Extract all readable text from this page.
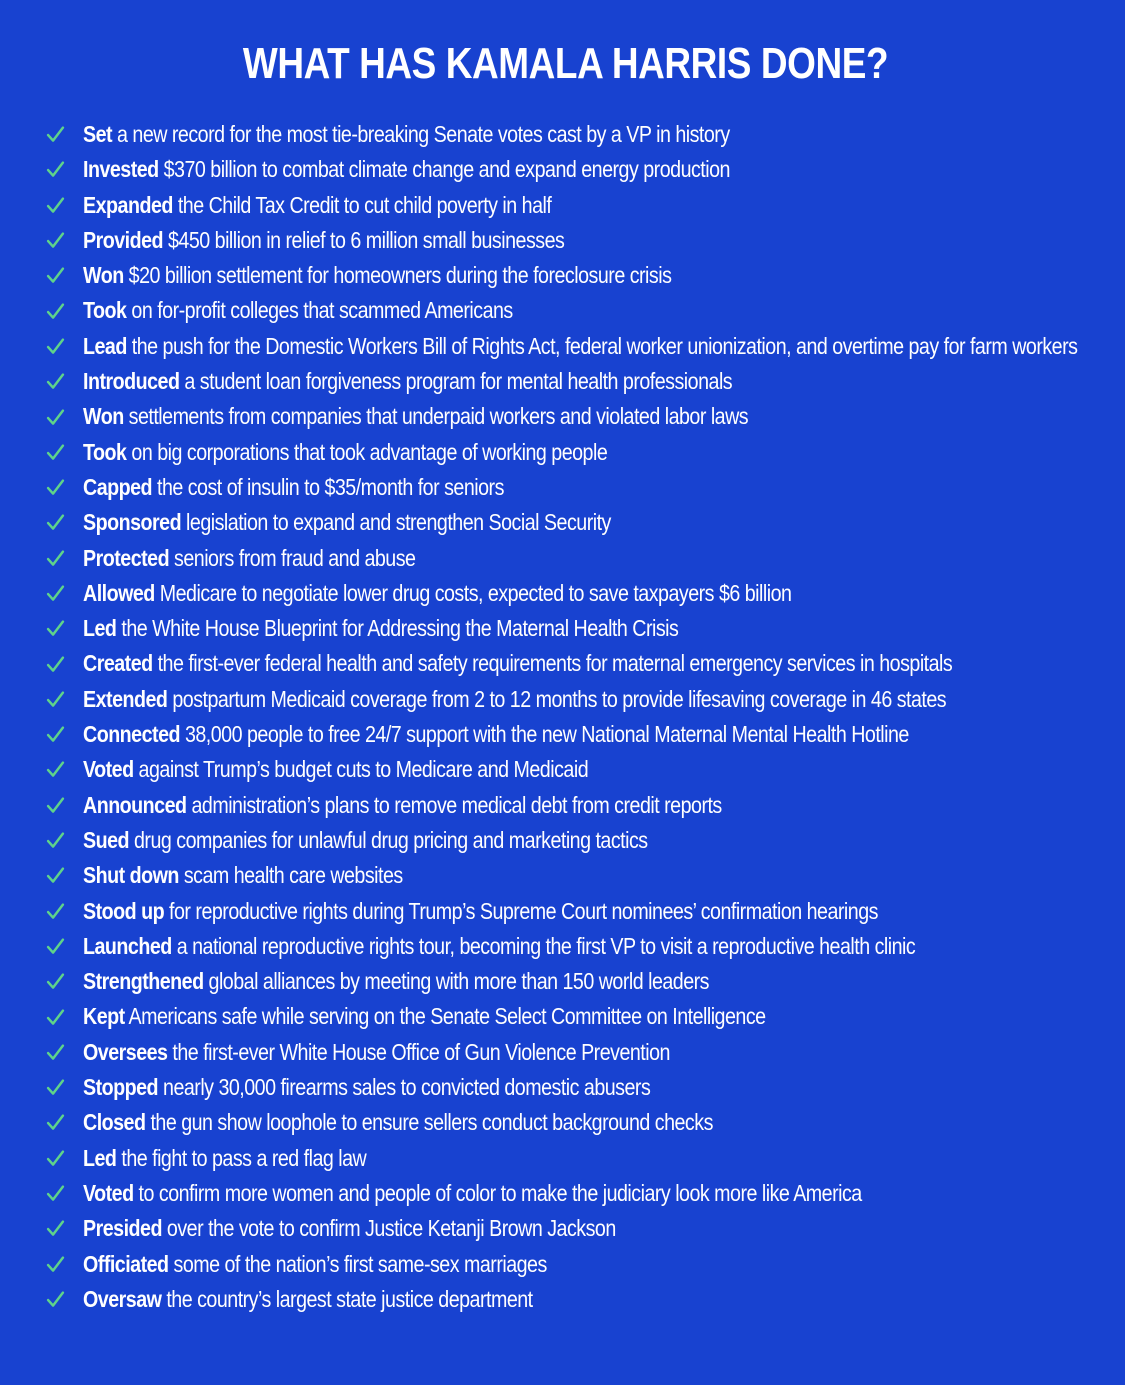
WHAT HAS KAMALA HARRIS DONE?
Set a new record for the most tie-breaking Senate votes cast by a VP in history
Invested $370 billion to combat climate change and expand energy production
Expanded the Child Tax Credit to cut child poverty in half
Provided $450 billion in relief to 6 million small businesses
Won $20 billion settlement for homeowners during the foreclosure crisis
Took on for-profit colleges that scammed Americans
Lead the push for the Domestic Workers Bill of Rights Act, federal worker unionization, and overtime pay for farm workers
Introduced a student loan forgiveness program for mental health professionals
Won settlements from companies that underpaid workers and violated labor laws
Took on big corporations that took advantage of working people
Capped the cost of insulin to $35/month for seniors
Sponsored legislation to expand and strengthen Social Security
Protected seniors from fraud and abuse
Allowed Medicare to negotiate lower drug costs, expected to save taxpayers $6 billion
Led the White House Blueprint for Addressing the Maternal Health Crisis
Created the first-ever federal health and safety requirements for maternal emergency services in hospitals
Extended postpartum Medicaid coverage from 2 to 12 months to provide lifesaving coverage in 46 states
Connected 38,000 people to free 24/7 support with the new National Maternal Mental Health Hotline
Voted against Trump’s budget cuts to Medicare and Medicaid
Announced administration’s plans to remove medical debt from credit reports
Sued drug companies for unlawful drug pricing and marketing tactics
Shut down scam health care websites
Stood up for reproductive rights during Trump’s Supreme Court nominees’ confirmation hearings
Launched a national reproductive rights tour, becoming the first VP to visit a reproductive health clinic
Strengthened global alliances by meeting with more than 150 world leaders
Kept Americans safe while serving on the Senate Select Committee on Intelligence
Oversees the first-ever White House Office of Gun Violence Prevention
Stopped nearly 30,000 firearms sales to convicted domestic abusers
Closed the gun show loophole to ensure sellers conduct background checks
Led the fight to pass a red flag law
Voted to confirm more women and people of color to make the judiciary look more like America
Presided over the vote to confirm Justice Ketanji Brown Jackson
Officiated some of the nation’s first same-sex marriages
Oversaw the country’s largest state justice department
